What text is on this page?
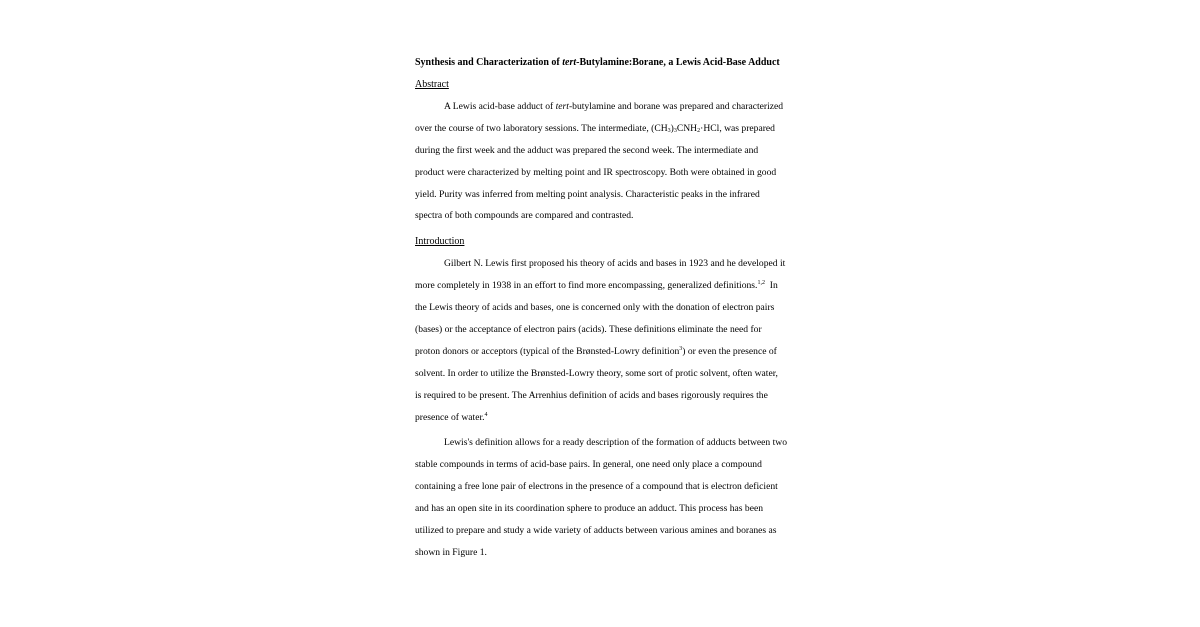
Synthesis and Characterization of tert-Butylamine:Borane, a Lewis Acid-Base Adduct
Abstract
A Lewis acid-base adduct of tert-butylamine and borane was prepared and characterized
over the course of two laboratory sessions. The intermediate, $(CH_3)_3CNH_2\cdot HCl$, was prepared
during the first week and the adduct was prepared the second week. The intermediate and
product were characterized by melting point and IR spectroscopy. Both were obtained in good
yield. Purity was inferred from melting point analysis. Characteristic peaks in the infrared
spectra of both compounds are compared and contrasted.
Introduction
Gilbert N. Lewis first proposed his theory of acids and bases in 1923 and he developed it
more completely in 1938 in an effort to find more encompassing, generalized definitions.$^{1,2}$  In
the Lewis theory of acids and bases, one is concerned only with the donation of electron pairs
(bases) or the acceptance of electron pairs (acids). These definitions eliminate the need for
proton donors or acceptors (typical of the Brønsted-Lowry definition$^3$) or even the presence of
solvent. In order to utilize the Brønsted-Lowry theory, some sort of protic solvent, often water,
is required to be present. The Arrenhius definition of acids and bases rigorously requires the
presence of water.$^4$
Lewis's definition allows for a ready description of the formation of adducts between two
stable compounds in terms of acid-base pairs. In general, one need only place a compound
containing a free lone pair of electrons in the presence of a compound that is electron deficient
and has an open site in its coordination sphere to produce an adduct. This process has been
utilized to prepare and study a wide variety of adducts between various amines and boranes as
shown in Figure 1.
